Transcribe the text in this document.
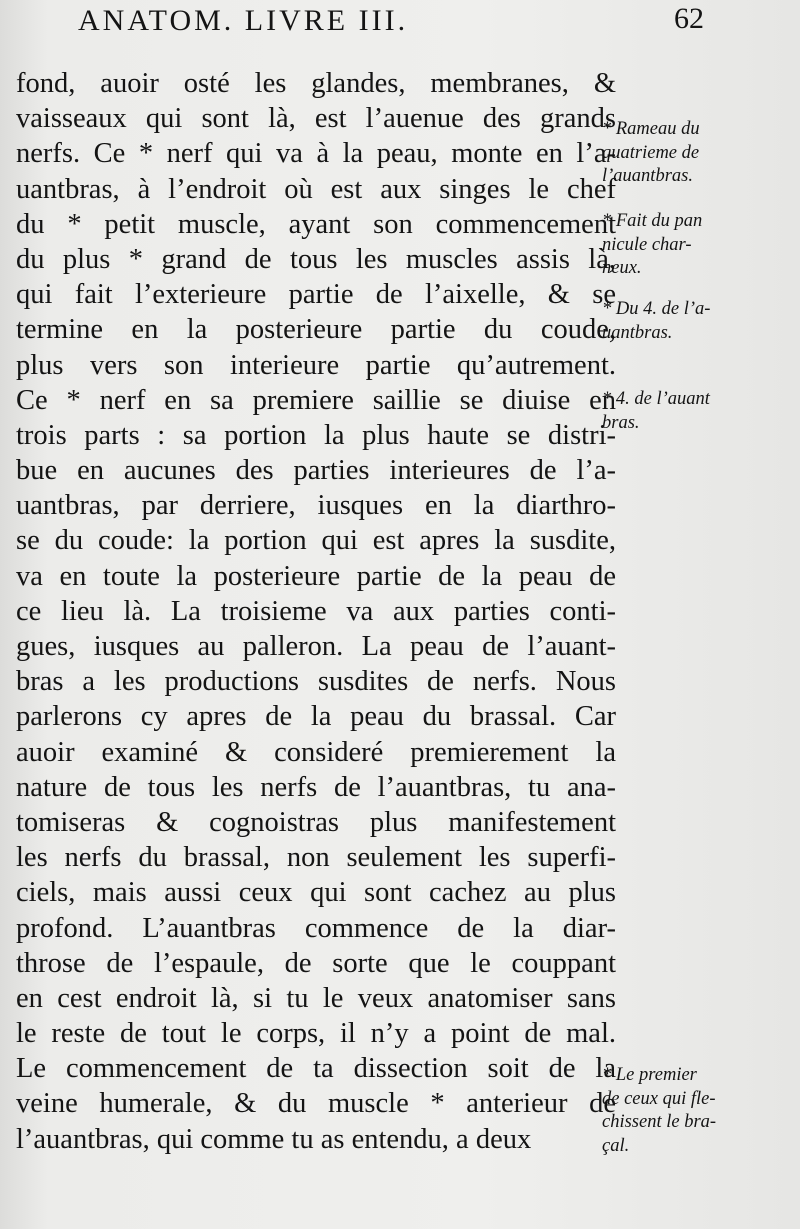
ANATOM. LIVRE III.	62
fond, auoir osté les glandes, membranes, &
vaisseaux qui sont là, est l’auenue des grands
nerfs. Ce * nerf qui va à la peau, monte en l’a-
uantbras, à l’endroit où est aux singes le chef
du * petit muscle, ayant son commencement
du plus * grand de tous les muscles assis là,
qui fait l’exterieure partie de l’aixelle, & se
termine en la posterieure partie du coude,
plus vers son interieure partie qu’autrement.
Ce * nerf en sa premiere saillie se diuise en
trois parts : sa portion la plus haute se distri-
bue en aucunes des parties interieures de l’a-
uantbras, par derriere, iusques en la diarthro-
se du coude: la portion qui est apres la susdite,
va en toute la posterieure partie de la peau de
ce lieu là. La troisieme va aux parties conti-
gues, iusques au palleron. La peau de l’auant-
bras a les productions susdites de nerfs. Nous
parlerons cy apres de la peau du brassal. Car
auoir examiné & consideré premierement la
nature de tous les nerfs de l’auantbras, tu ana-
tomiseras & cognoistras plus manifestement
les nerfs du brassal, non seulement les superfi-
ciels, mais aussi ceux qui sont cachez au plus
profond. L’auantbras commence de la diar-
throse de l’espaule, de sorte que le couppant
en cest endroit là, si tu le veux anatomiser sans
le reste de tout le corps, il n’y a point de mal.
Le commencement de ta dissection soit de la
veine humerale, & du muscle * anterieur de
l’auantbras, qui comme tu as entendu, a deux
* Rameau du
quatrieme de
l’auantbras.
* Fait du pan
nicule char-
neux.
* Du 4. de l’a-
uantbras.
* 4. de l’auant
bras.
* Le premier
de ceux qui fle-
chissent le bra-
çal.
